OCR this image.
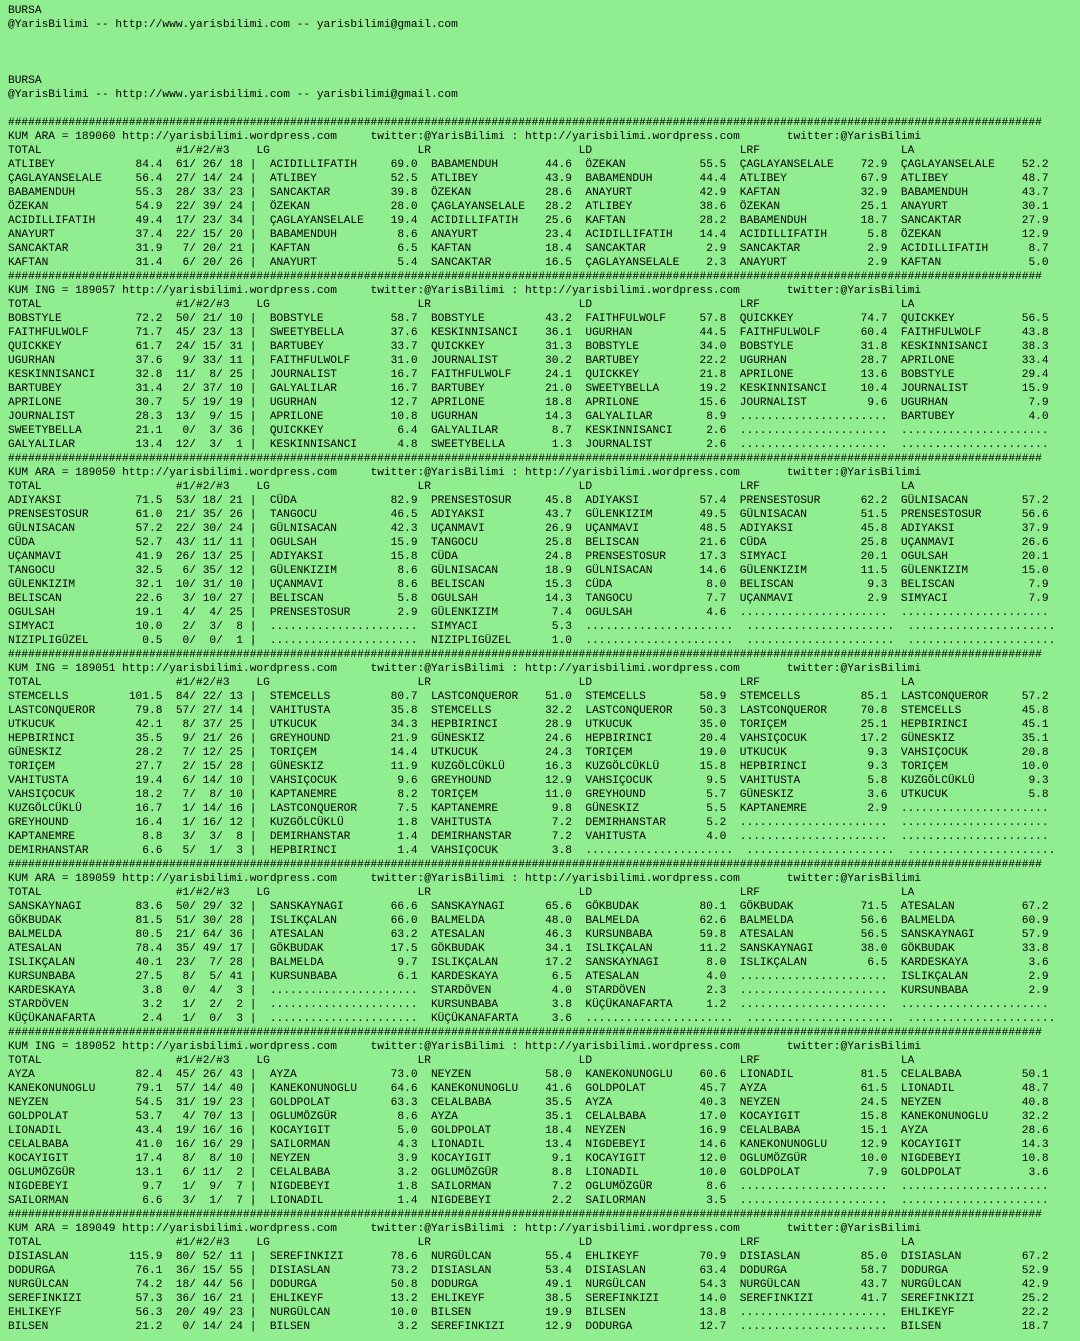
BURSA
@YarisBilimi -- http://www.yarisbilimi.com -- yarisbilimi@gmail.com

BURSA
@YarisBilimi -- http://www.yarisbilimi.com -- yarisbilimi@gmail.com

##########################################################################################################################################################
KUM ARA = 189060 http://yarisbilimi.wordpress.com     twitter:@YarisBilimi : http://yarisbilimi.wordpress.com       twitter:@YarisBilimi
TOTAL                    #1/#2/#3    LG                      LR                      LD                      LRF                     LA
ATLIBEY            84.4  61/ 26/ 18 |  ACIDILLIFATIH     69.0  BABAMENDUH       44.6  ÖZEKAN           55.5  ÇAGLAYANSELALE    72.9  ÇAGLAYANSELALE    52.2
ÇAGLAYANSELALE     56.4  27/ 14/ 24 |  ATLIBEY           52.5  ATLIBEY          43.9  BABAMENDUH       44.4  ATLIBEY           67.9  ATLIBEY           48.7
BABAMENDUH         55.3  28/ 33/ 23 |  SANCAKTAR         39.8  ÖZEKAN           28.6  ANAYURT          42.9  KAFTAN            32.9  BABAMENDUH        43.7
ÖZEKAN             54.9  22/ 39/ 24 |  ÖZEKAN            28.0  ÇAGLAYANSELALE   28.2  ATLIBEY          38.6  ÖZEKAN            25.1  ANAYURT           30.1
ACIDILLIFATIH      49.4  17/ 23/ 34 |  ÇAGLAYANSELALE    19.4  ACIDILLIFATIH    25.6  KAFTAN           28.2  BABAMENDUH        18.7  SANCAKTAR         27.9
ANAYURT            37.4  22/ 15/ 20 |  BABAMENDUH         8.6  ANAYURT          23.4  ACIDILLIFATIH    14.4  ACIDILLIFATIH      5.8  ÖZEKAN            12.9
SANCAKTAR          31.9   7/ 20/ 21 |  KAFTAN             6.5  KAFTAN           18.4  SANCAKTAR         2.9  SANCAKTAR          2.9  ACIDILLIFATIH      8.7
KAFTAN             31.4   6/ 20/ 26 |  ANAYURT            5.4  SANCAKTAR        16.5  ÇAGLAYANSELALE    2.3  ANAYURT            2.9  KAFTAN             5.0
##########################################################################################################################################################
KUM ING = 189057 http://yarisbilimi.wordpress.com     twitter:@YarisBilimi : http://yarisbilimi.wordpress.com       twitter:@YarisBilimi
TOTAL                    #1/#2/#3    LG                      LR                      LD                      LRF                     LA
BOBSTYLE           72.2  50/ 21/ 10 |  BOBSTYLE          58.7  BOBSTYLE         43.2  FAITHFULWOLF     57.8  QUICKKEY          74.7  QUICKKEY          56.5
FAITHFULWOLF       71.7  45/ 23/ 13 |  SWEETYBELLA       37.6  KESKINNISANCI    36.1  UGURHAN          44.5  FAITHFULWOLF      60.4  FAITHFULWOLF      43.8
QUICKKEY           61.7  24/ 15/ 31 |  BARTUBEY          33.7  QUICKKEY         31.3  BOBSTYLE         34.0  BOBSTYLE          31.8  KESKINNISANCI     38.3
UGURHAN            37.6   9/ 33/ 11 |  FAITHFULWOLF      31.0  JOURNALIST       30.2  BARTUBEY         22.2  UGURHAN           28.7  APRILONE          33.4
KESKINNISANCI      32.8  11/  8/ 25 |  JOURNALIST        16.7  FAITHFULWOLF     24.1  QUICKKEY         21.8  APRILONE          13.6  BOBSTYLE          29.4
BARTUBEY           31.4   2/ 37/ 10 |  GALYALILAR        16.7  BARTUBEY         21.0  SWEETYBELLA      19.2  KESKINNISANCI     10.4  JOURNALIST        15.9
APRILONE           30.7   5/ 19/ 19 |  UGURHAN           12.7  APRILONE         18.8  APRILONE         15.6  JOURNALIST         9.6  UGURHAN            7.9
JOURNALIST         28.3  13/  9/ 15 |  APRILONE          10.8  UGURHAN          14.3  GALYALILAR        8.9  ......................  BARTUBEY           4.0
SWEETYBELLA        21.1   0/  3/ 36 |  QUICKKEY           6.4  GALYALILAR        8.7  KESKINNISANCI     2.6  ......................  ......................
GALYALILAR         13.4  12/  3/  1 |  KESKINNISANCI      4.8  SWEETYBELLA       1.3  JOURNALIST        2.6  ......................  ......................
##########################################################################################################################################################
KUM ARA = 189050 http://yarisbilimi.wordpress.com     twitter:@YarisBilimi : http://yarisbilimi.wordpress.com       twitter:@YarisBilimi
TOTAL                    #1/#2/#3    LG                      LR                      LD                      LRF                     LA
ADIYAKSI           71.5  53/ 18/ 21 |  CÜDA              82.9  PRENSESTOSUR     45.8  ADIYAKSI         57.4  PRENSESTOSUR      62.2  GÜLNISACAN        57.2
PRENSESTOSUR       61.0  21/ 35/ 26 |  TANGOCU           46.5  ADIYAKSI         43.7  GÜLENKIZIM       49.5  GÜLNISACAN        51.5  PRENSESTOSUR      56.6
GÜLNISACAN         57.2  22/ 30/ 24 |  GÜLNISACAN        42.3  UÇANMAVI         26.9  UÇANMAVI         48.5  ADIYAKSI          45.8  ADIYAKSI          37.9
CÜDA               52.7  43/ 11/ 11 |  OGULSAH           15.9  TANGOCU          25.8  BELISCAN         21.6  CÜDA              25.8  UÇANMAVI          26.6
UÇANMAVI           41.9  26/ 13/ 25 |  ADIYAKSI          15.8  CÜDA             24.8  PRENSESTOSUR     17.3  SIMYACI           20.1  OGULSAH           20.1
TANGOCU            32.5   6/ 35/ 12 |  GÜLENKIZIM         8.6  GÜLNISACAN       18.9  GÜLNISACAN       14.6  GÜLENKIZIM        11.5  GÜLENKIZIM        15.0
GÜLENKIZIM         32.1  10/ 31/ 10 |  UÇANMAVI           8.6  BELISCAN         15.3  CÜDA              8.0  BELISCAN           9.3  BELISCAN           7.9
BELISCAN           22.6   3/ 10/ 27 |  BELISCAN           5.8  OGULSAH          14.3  TANGOCU           7.7  UÇANMAVI           2.9  SIMYACI            7.9
OGULSAH            19.1   4/  4/ 25 |  PRENSESTOSUR       2.9  GÜLENKIZIM        7.4  OGULSAH           4.6  ......................  ......................
SIMYACI            10.0   2/  3/  8 |  ......................  SIMYACI           5.3  ......................  ......................  ......................
NIZIPLIGÜZEL        0.5   0/  0/  1 |  ......................  NIZIPLIGÜZEL      1.0  ......................  ......................  ......................
##########################################################################################################################################################
KUM ING = 189051 http://yarisbilimi.wordpress.com     twitter:@YarisBilimi : http://yarisbilimi.wordpress.com       twitter:@YarisBilimi
TOTAL                    #1/#2/#3    LG                      LR                      LD                      LRF                     LA
STEMCELLS         101.5  84/ 22/ 13 |  STEMCELLS         80.7  LASTCONQUEROR    51.0  STEMCELLS        58.9  STEMCELLS         85.1  LASTCONQUEROR     57.2
LASTCONQUEROR      79.8  57/ 27/ 14 |  VAHITUSTA         35.8  STEMCELLS        32.2  LASTCONQUEROR    50.3  LASTCONQUEROR     70.8  STEMCELLS         45.8
UTKUCUK            42.1   8/ 37/ 25 |  UTKUCUK           34.3  HEPBIRINCI       28.9  UTKUCUK          35.0  TORIÇEM           25.1  HEPBIRINCI        45.1
HEPBIRINCI         35.5   9/ 21/ 26 |  GREYHOUND         21.9  GÜNESKIZ         24.6  HEPBIRINCI       20.4  VAHSIÇOCUK        17.2  GÜNESKIZ          35.1
GÜNESKIZ           28.2   7/ 12/ 25 |  TORIÇEM           14.4  UTKUCUK          24.3  TORIÇEM          19.0  UTKUCUK            9.3  VAHSIÇOCUK        20.8
TORIÇEM            27.7   2/ 15/ 28 |  GÜNESKIZ          11.9  KUZGÖLCÜKLÜ      16.3  KUZGÖLCÜKLÜ      15.8  HEPBIRINCI         9.3  TORIÇEM           10.0
VAHITUSTA          19.4   6/ 14/ 10 |  VAHSIÇOCUK         9.6  GREYHOUND        12.9  VAHSIÇOCUK        9.5  VAHITUSTA          5.8  KUZGÖLCÜKLÜ        9.3
VAHSIÇOCUK         18.2   7/  8/ 10 |  KAPTANEMRE         8.2  TORIÇEM          11.0  GREYHOUND         5.7  GÜNESKIZ           3.6  UTKUCUK            5.8
KUZGÖLCÜKLÜ        16.7   1/ 14/ 16 |  LASTCONQUEROR      7.5  KAPTANEMRE        9.8  GÜNESKIZ          5.5  KAPTANEMRE         2.9  ......................
GREYHOUND          16.4   1/ 16/ 12 |  KUZGÖLCÜKLÜ        1.8  VAHITUSTA         7.2  DEMIRHANSTAR      5.2  ......................  ......................
KAPTANEMRE          8.8   3/  3/  8 |  DEMIRHANSTAR       1.4  DEMIRHANSTAR      7.2  VAHITUSTA         4.0  ......................  ......................
DEMIRHANSTAR        6.6   5/  1/  3 |  HEPBIRINCI         1.4  VAHSIÇOCUK        3.8  ......................  ......................  ......................
##########################################################################################################################################################
KUM ARA = 189059 http://yarisbilimi.wordpress.com     twitter:@YarisBilimi : http://yarisbilimi.wordpress.com       twitter:@YarisBilimi
TOTAL                    #1/#2/#3    LG                      LR                      LD                      LRF                     LA
SANSKAYNAGI        83.6  50/ 29/ 32 |  SANSKAYNAGI       66.6  SANSKAYNAGI      65.6  GÖKBUDAK         80.1  GÖKBUDAK          71.5  ATESALAN          67.2
GÖKBUDAK           81.5  51/ 30/ 28 |  ISLIKÇALAN        66.0  BALMELDA         48.0  BALMELDA         62.6  BALMELDA          56.6  BALMELDA          60.9
BALMELDA           80.5  21/ 64/ 36 |  ATESALAN          63.2  ATESALAN         46.3  KURSUNBABA       59.8  ATESALAN          56.5  SANSKAYNAGI       57.9
ATESALAN           78.4  35/ 49/ 17 |  GÖKBUDAK          17.5  GÖKBUDAK         34.1  ISLIKÇALAN       11.2  SANSKAYNAGI       38.0  GÖKBUDAK          33.8
ISLIKÇALAN         40.1  23/  7/ 28 |  BALMELDA           9.7  ISLIKÇALAN       17.2  SANSKAYNAGI       8.0  ISLIKÇALAN         6.5  KARDESKAYA         3.6
KURSUNBABA         27.5   8/  5/ 41 |  KURSUNBABA         6.1  KARDESKAYA        6.5  ATESALAN          4.0  ......................  ISLIKÇALAN         2.9
KARDESKAYA          3.8   0/  4/  3 |  ......................  STARDÖVEN         4.0  STARDÖVEN         2.3  ......................  KURSUNBABA         2.9
STARDÖVEN           3.2   1/  2/  2 |  ......................  KURSUNBABA        3.8  KÜÇÜKANAFARTA     1.2  ......................  ......................
KÜÇÜKANAFARTA       2.4   1/  0/  3 |  ......................  KÜÇÜKANAFARTA     3.6  ......................  ......................  ......................
##########################################################################################################################################################
KUM ING = 189052 http://yarisbilimi.wordpress.com     twitter:@YarisBilimi : http://yarisbilimi.wordpress.com       twitter:@YarisBilimi
TOTAL                    #1/#2/#3    LG                      LR                      LD                      LRF                     LA
AYZA               82.4  45/ 26/ 43 |  AYZA              73.0  NEYZEN           58.0  KANEKONUNOGLU    60.6  LIONADIL          81.5  CELALBABA         50.1
KANEKONUNOGLU      79.1  57/ 14/ 40 |  KANEKONUNOGLU     64.6  KANEKONUNOGLU    41.6  GOLDPOLAT        45.7  AYZA              61.5  LIONADIL          48.7
NEYZEN             54.5  31/ 19/ 23 |  GOLDPOLAT         63.3  CELALBABA        35.5  AYZA             40.3  NEYZEN            24.5  NEYZEN            40.8
GOLDPOLAT          53.7   4/ 70/ 13 |  OGLUMÖZGÜR         8.6  AYZA             35.1  CELALBABA        17.0  KOCAYIGIT         15.8  KANEKONUNOGLU     32.2
LIONADIL           43.4  19/ 16/ 16 |  KOCAYIGIT          5.0  GOLDPOLAT        18.4  NEYZEN           16.9  CELALBABA         15.1  AYZA              28.6
CELALBABA          41.0  16/ 16/ 29 |  SAILORMAN          4.3  LIONADIL         13.4  NIGDEBEYI        14.6  KANEKONUNOGLU     12.9  KOCAYIGIT         14.3
KOCAYIGIT          17.4   8/  8/ 10 |  NEYZEN             3.9  KOCAYIGIT         9.1  KOCAYIGIT        12.0  OGLUMÖZGÜR        10.0  NIGDEBEYI         10.8
OGLUMÖZGÜR         13.1   6/ 11/  2 |  CELALBABA          3.2  OGLUMÖZGÜR        8.8  LIONADIL         10.0  GOLDPOLAT          7.9  GOLDPOLAT          3.6
NIGDEBEYI           9.7   1/  9/  7 |  NIGDEBEYI          1.8  SAILORMAN         7.2  OGLUMÖZGÜR        8.6  ......................  ......................
SAILORMAN           6.6   3/  1/  7 |  LIONADIL           1.4  NIGDEBEYI         2.2  SAILORMAN         3.5  ......................  ......................
##########################################################################################################################################################
KUM ARA = 189049 http://yarisbilimi.wordpress.com     twitter:@YarisBilimi : http://yarisbilimi.wordpress.com       twitter:@YarisBilimi
TOTAL                    #1/#2/#3    LG                      LR                      LD                      LRF                     LA
DISIASLAN         115.9  80/ 52/ 11 |  SEREFINKIZI       78.6  NURGÜLCAN        55.4  EHLIKEYF         70.9  DISIASLAN         85.0  DISIASLAN         67.2
DODURGA            76.1  36/ 15/ 55 |  DISIASLAN         73.2  DISIASLAN        53.4  DISIASLAN        63.4  DODURGA           58.7  DODURGA           52.9
NURGÜLCAN          74.2  18/ 44/ 56 |  DODURGA           50.8  DODURGA          49.1  NURGÜLCAN        54.3  NURGÜLCAN         43.7  NURGÜLCAN         42.9
SEREFINKIZI        57.3  36/ 16/ 21 |  EHLIKEYF          13.2  EHLIKEYF         38.5  SEREFINKIZI      14.0  SEREFINKIZI       41.7  SEREFINKIZI       25.2
EHLIKEYF           56.3  20/ 49/ 23 |  NURGÜLCAN         10.0  BILSEN           19.9  BILSEN           13.8  ......................  EHLIKEYF          22.2
BILSEN             21.2   0/ 14/ 24 |  BILSEN             3.2  SEREFINKIZI      12.9  DODURGA          12.7  ......................  BILSEN            18.7
